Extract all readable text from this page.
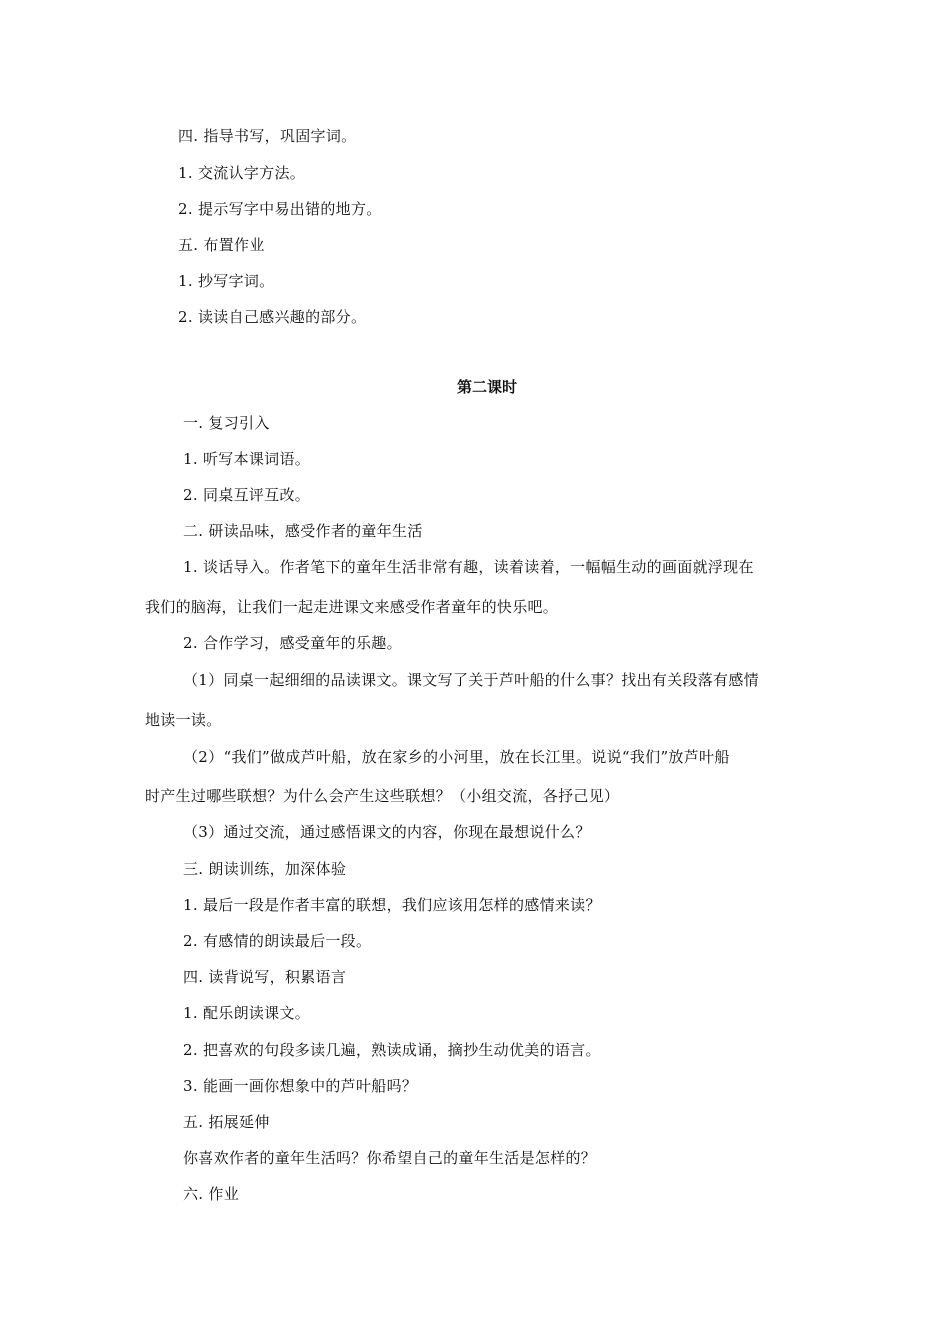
四. 指导书写，巩固字词。
1. 交流认字方法。
2. 提示写字中易出错的地方。
五. 布置作业
1. 抄写字词。
2. 读读自己感兴趣的部分。
第二课时
一. 复习引入
1. 听写本课词语。
2. 同桌互评互改。
二. 研读品味，感受作者的童年生活
1. 谈话导入。作者笔下的童年生活非常有趣，读着读着，一幅幅生动的画面就浮现在
我们的脑海，让我们一起走进课文来感受作者童年的快乐吧。
2. 合作学习，感受童年的乐趣。
（1）同桌一起细细的品读课文。课文写了关于芦叶船的什么事？找出有关段落有感情
地读一读。
（2）“我们”做成芦叶船，放在家乡的小河里，放在长江里。说说“我们”放芦叶船
时产生过哪些联想？为什么会产生这些联想？（小组交流，各抒己见）
（3）通过交流，通过感悟课文的内容，你现在最想说什么？
三. 朗读训练，加深体验
1. 最后一段是作者丰富的联想，我们应该用怎样的感情来读？
2. 有感情的朗读最后一段。
四. 读背说写，积累语言
1. 配乐朗读课文。
2. 把喜欢的句段多读几遍，熟读成诵，摘抄生动优美的语言。
3. 能画一画你想象中的芦叶船吗？
五. 拓展延伸
你喜欢作者的童年生活吗？你希望自己的童年生活是怎样的？
六. 作业
